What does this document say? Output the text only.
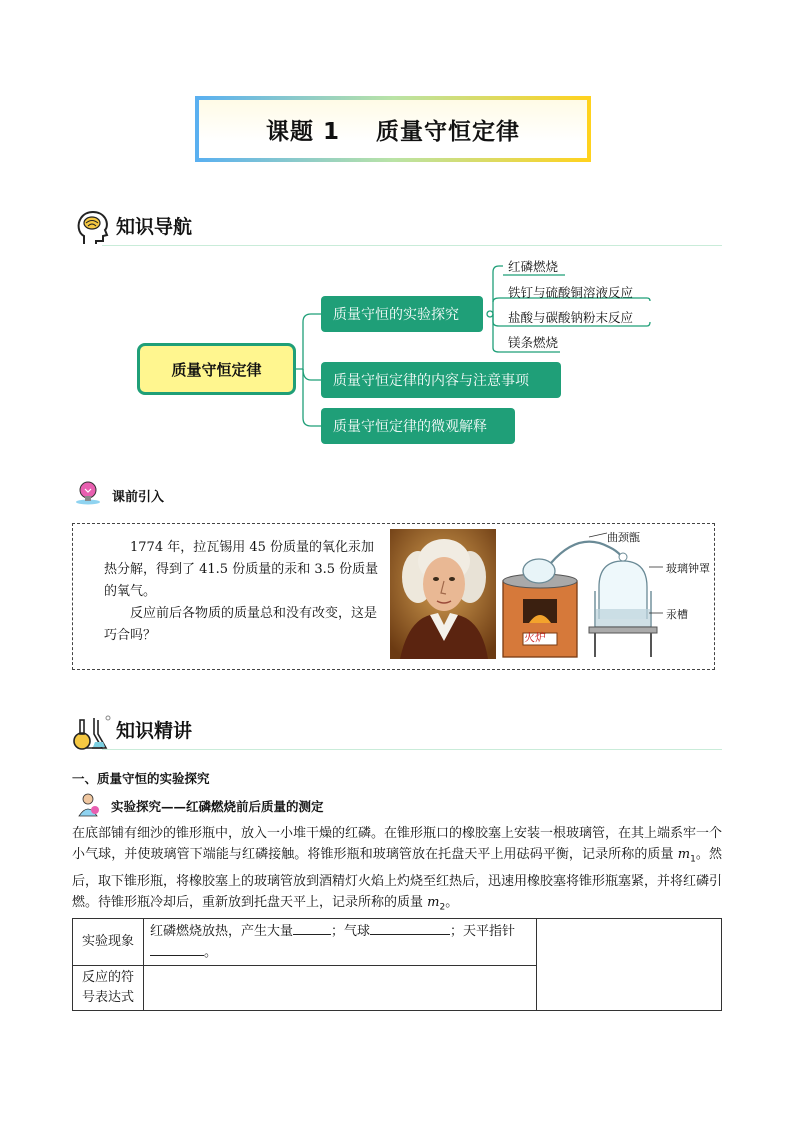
课题 1 质量守恒定律
知识导航
质量守恒定律
质量守恒的实验探究
质量守恒定律的内容与注意事项
质量守恒定律的微观解释
红磷燃烧
铁钉与硫酸铜溶液反应
盐酸与碳酸钠粉末反应
镁条燃烧
课前引入

1774 年，拉瓦锡用 45 份质量的氧化汞加热分解，得到了 41.5 份质量的汞和 3.5 份质量的氧气。

反应前后各物质的质量总和没有改变，这是巧合吗？

曲颈甑
玻璃钟罩
汞槽
火炉
知识精讲
一、质量守恒的实验探究
实验探究——红磷燃烧前后质量的测定
在底部铺有细沙的锥形瓶中，放入一小堆干燥的红磷。在锥形瓶口的橡胶塞上安装一根玻璃管，在其上端系牢一个小气球，并使玻璃管下端能与红磷接触。将锥形瓶和玻璃管放在托盘天平上用砝码平衡，记录所称的质量 $m_1$。然后，取下锥形瓶，将橡胶塞上的玻璃管放到酒精灯火焰上灼烧至红热后，迅速用橡胶塞将锥形瓶塞紧，并将红磷引燃。待锥形瓶冷却后，重新放到托盘天平上，记录所称的质量 $m_2$。
实验现象	红磷燃烧放热，产生大量 ；气球 ；天平指针
。	
反应的符号表达式		
